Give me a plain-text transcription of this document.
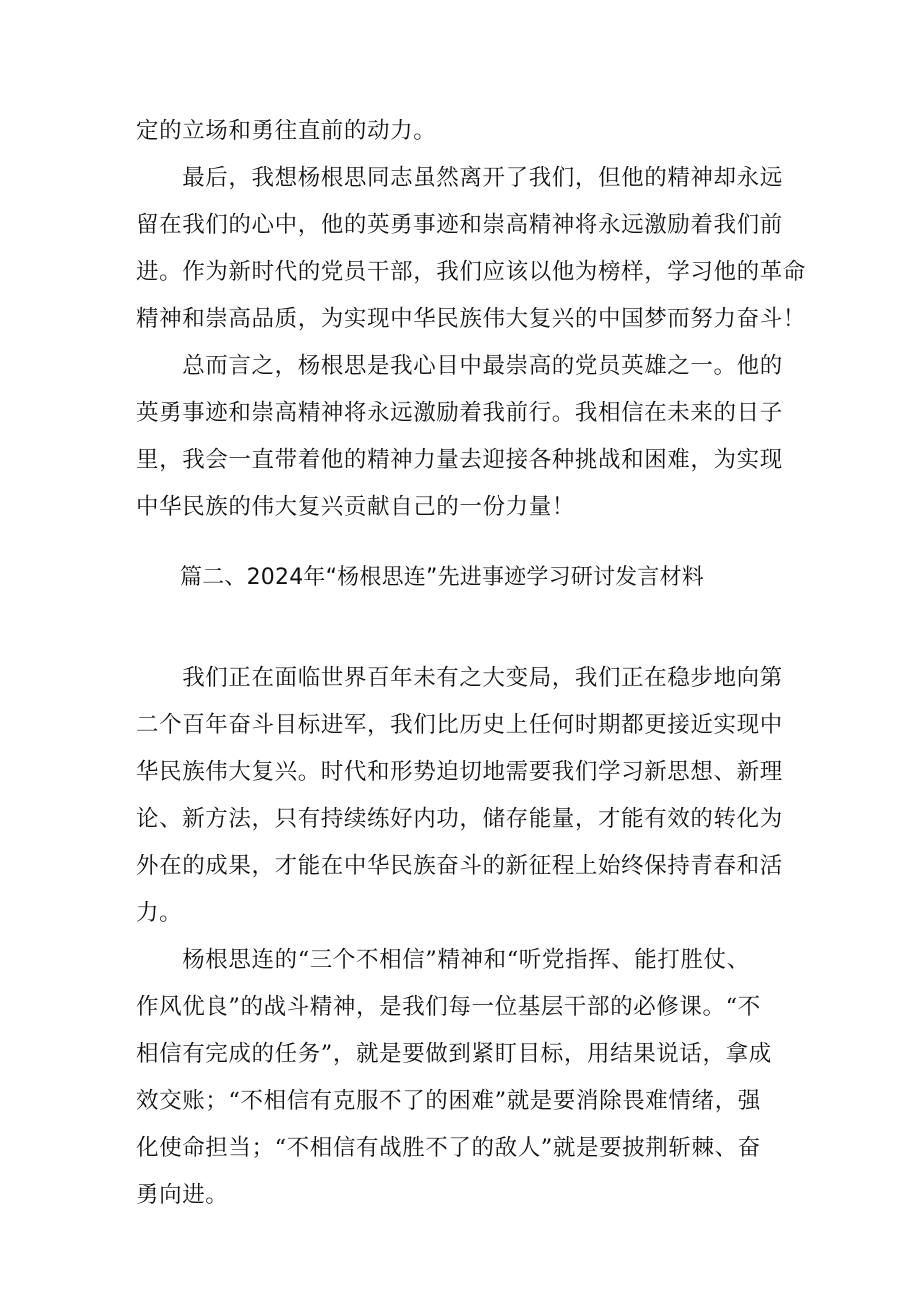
定的立场和勇往直前的动力。
　　最后，我想杨根思同志虽然离开了我们，但他的精神却永远
留在我们的心中，他的英勇事迹和崇高精神将永远激励着我们前
进。作为新时代的党员干部，我们应该以他为榜样，学习他的革命
精神和崇高品质，为实现中华民族伟大复兴的中国梦而努力奋斗！
　　总而言之，杨根思是我心目中最崇高的党员英雄之一。他的
英勇事迹和崇高精神将永远激励着我前行。我相信在未来的日子
里，我会一直带着他的精神力量去迎接各种挑战和困难，为实现
中华民族的伟大复兴贡献自己的一份力量！
篇二、2024年“杨根思连”先进事迹学习研讨发言材料
　　我们正在面临世界百年未有之大变局，我们正在稳步地向第
二个百年奋斗目标进军，我们比历史上任何时期都更接近实现中
华民族伟大复兴。时代和形势迫切地需要我们学习新思想、新理
论、新方法，只有持续练好内功，储存能量，才能有效的转化为
外在的成果，才能在中华民族奋斗的新征程上始终保持青春和活
力。
　　杨根思连的“三个不相信”精神和“听党指挥、能打胜仗、
作风优良”的战斗精神，是我们每一位基层干部的必修课。“不
相信有完成的任务”，就是要做到紧盯目标，用结果说话，拿成
效交账；“不相信有克服不了的困难”就是要消除畏难情绪，强
化使命担当；“不相信有战胜不了的敌人”就是要披荆斩棘、奋
勇向进。
